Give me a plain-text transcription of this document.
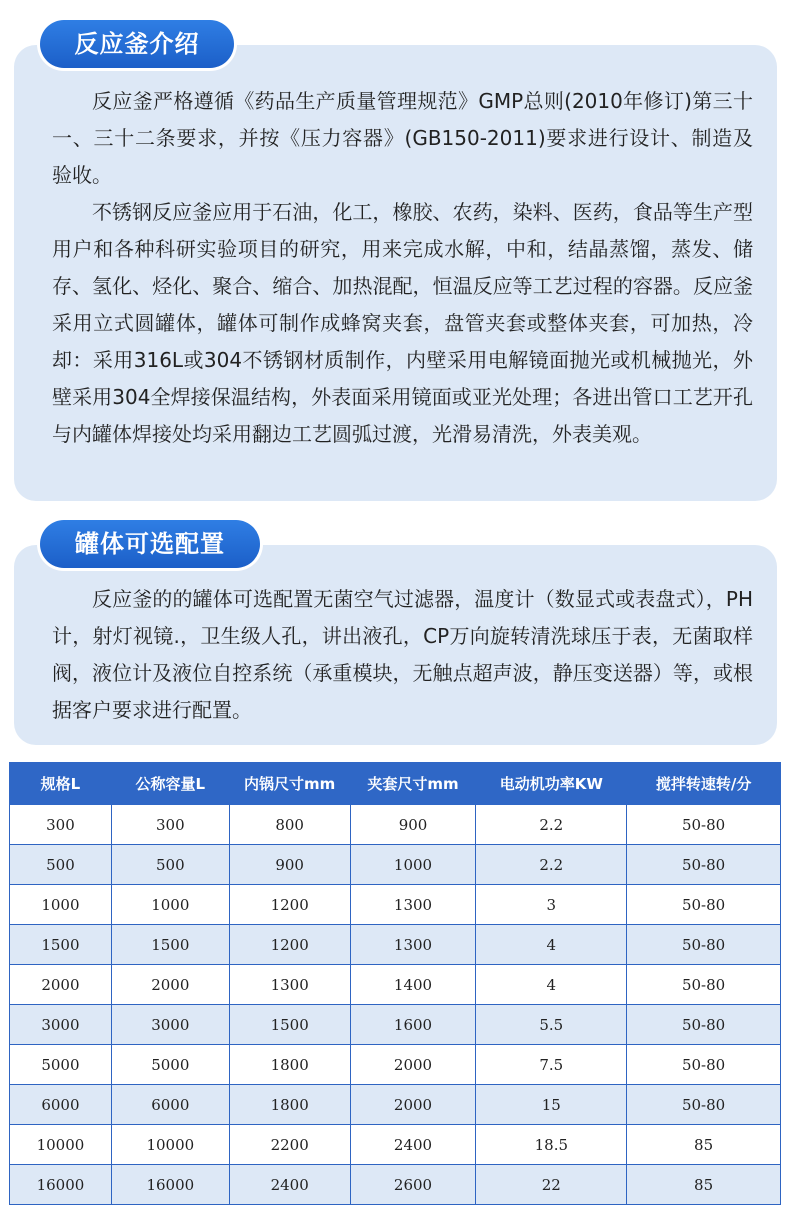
反应釜严格遵循《药品生产质量管理规范》GMP总则(2010年修订)第三十一、三十二条要求，并按《压力容器》(GB150-2011)要求进行设计、制造及验收。

不锈钢反应釜应用于石油，化工，橡胶、农药，染料、医药，食品等生产型用户和各种科研实验项目的研究，用来完成水解，中和，结晶蒸馏，蒸发、储存、氢化、烃化、聚合、缩合、加热混配，恒温反应等工艺过程的容器。反应釜采用立式圆罐体，罐体可制作成蜂窝夹套，盘管夹套或整体夹套，可加热，冷却：采用316L或304不锈钢材质制作，内壁采用电解镜面抛光或机械抛光，外壁采用304全焊接保温结构，外表面采用镜面或亚光处理；各进出管口工艺开孔与内罐体焊接处均采用翻边工艺圆弧过渡，光滑易清洗，外表美观。

反应釜介绍

反应釜的的罐体可选配置无菌空气过滤器，温度计（数显式或表盘式），PH计，射灯视镜.，卫生级人孔，讲出液孔，CP万向旋转清洗球压于表，无菌取样阀，液位计及液位自控系统（承重模块，无触点超声波，静压变送器）等，或根据客户要求进行配置。

罐体可选配置
规格L	公称容量L	内锅尺寸mm	夹套尺寸mm	电动机功率KW	搅拌转速转/分
300	300	800	900	2.2	50-80
500	500	900	1000	2.2	50-80
1000	1000	1200	1300	3	50-80
1500	1500	1200	1300	4	50-80
2000	2000	1300	1400	4	50-80
3000	3000	1500	1600	5.5	50-80
5000	5000	1800	2000	7.5	50-80
6000	6000	1800	2000	15	50-80
10000	10000	2200	2400	18.5	85
16000	16000	2400	2600	22	85
